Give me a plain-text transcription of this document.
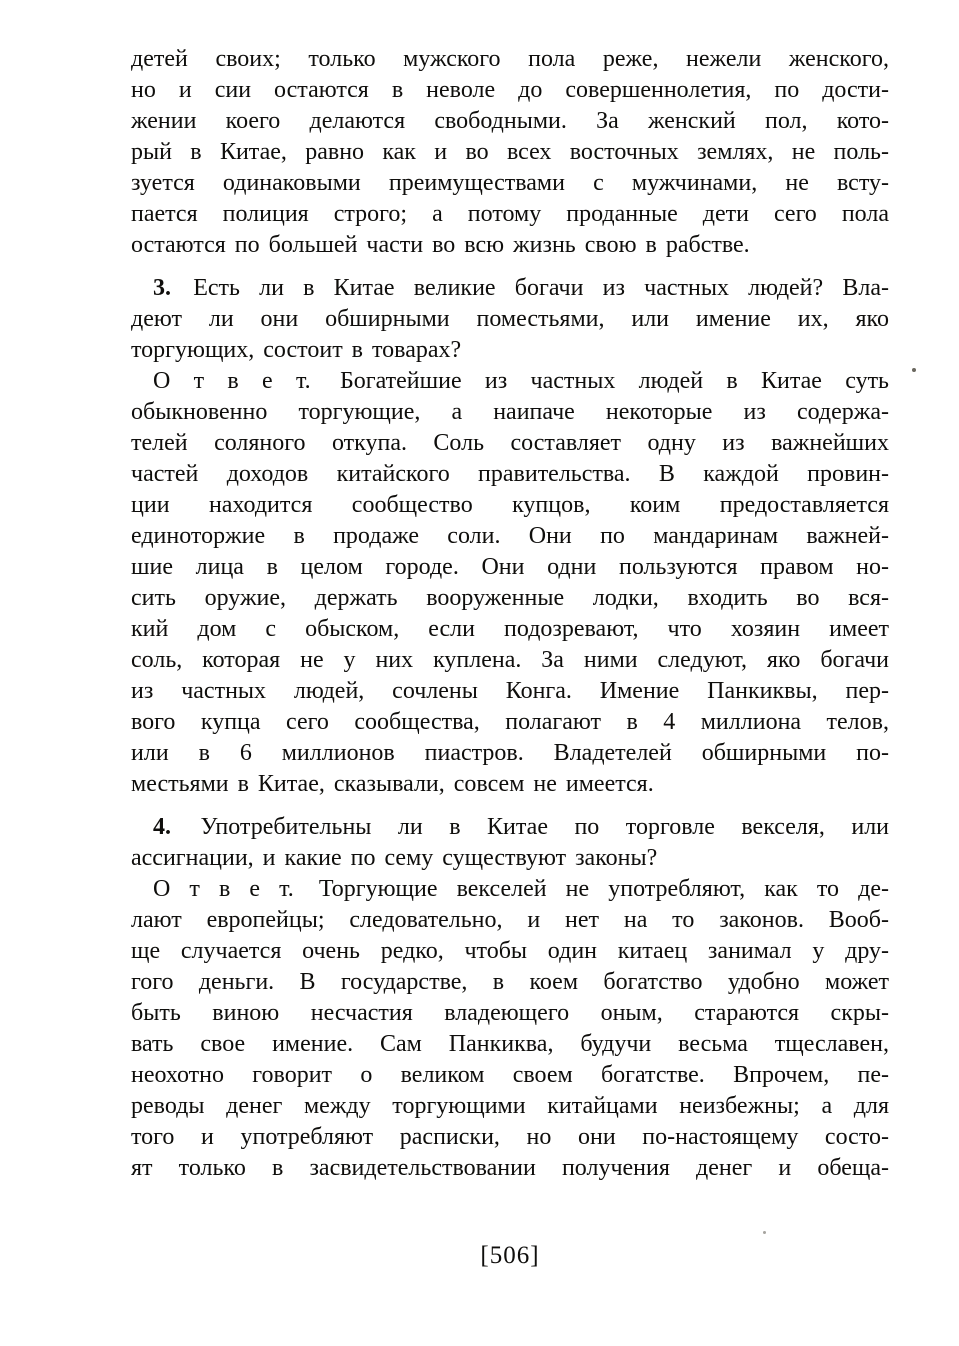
детей своих; только мужского пола реже, нежели женского,
но и сии остаются в неволе до совершеннолетия, по дости-
жении коего делаются свободными. За женский пол, кото-
рый в Китае, равно как и во всех восточных землях, не поль-
зуется одинаковыми преимуществами с мужчинами, не всту-
пается полиция строго; а потому проданные дети сего пола
остаются по большей части во всю жизнь свою в рабстве.
3. Есть ли в Китае великие богачи из частных людей? Вла-
деют ли они обширными поместьями, или имение их, яко
торгующих, состоит в товарах?
О т в е т. Богатейшие из частных людей в Китае суть
обыкновенно торгующие, а наипаче некоторые из содержа-
телей соляного откупа. Соль составляет одну из важнейших
частей доходов китайского правительства. В каждой провин-
ции находится сообщество купцов, коим предоставляется
единоторжие в продаже соли. Они по мандаринам важней-
шие лица в целом городе. Они одни пользуются правом но-
сить оружие, держать вооруженные лодки, входить во вся-
кий дом с обыском, если подозревают, что хозяин имеет
соль, которая не у них куплена. За ними следуют, яко богачи
из частных людей, сочлены Конга. Имение Панкиквы, пер-
вого купца сего сообщества, полагают в 4 миллиона телов,
или в 6 миллионов пиастров. Владетелей обширными по-
местьями в Китае, сказывали, совсем не имеется.
4. Употребительны ли в Китае по торговле векселя, или
ассигнации, и какие по сему существуют законы?
О т в е т. Торгующие векселей не употребляют, как то де-
лают европейцы; следовательно, и нет на то законов. Вооб-
ще случается очень редко, чтобы один китаец занимал у дру-
гого деньги. В государстве, в коем богатство удобно может
быть виною несчастия владеющего оным, стараются скры-
вать свое имение. Сам Панкиква, будучи весьма тщеславен,
неохотно говорит о великом своем богатстве. Впрочем, пе-
реводы денег между торгующими китайцами неизбежны; а для
того и употребляют расписки, но они по-настоящему состо-
ят только в засвидетельствовании получения денег и обеща-
[506]
